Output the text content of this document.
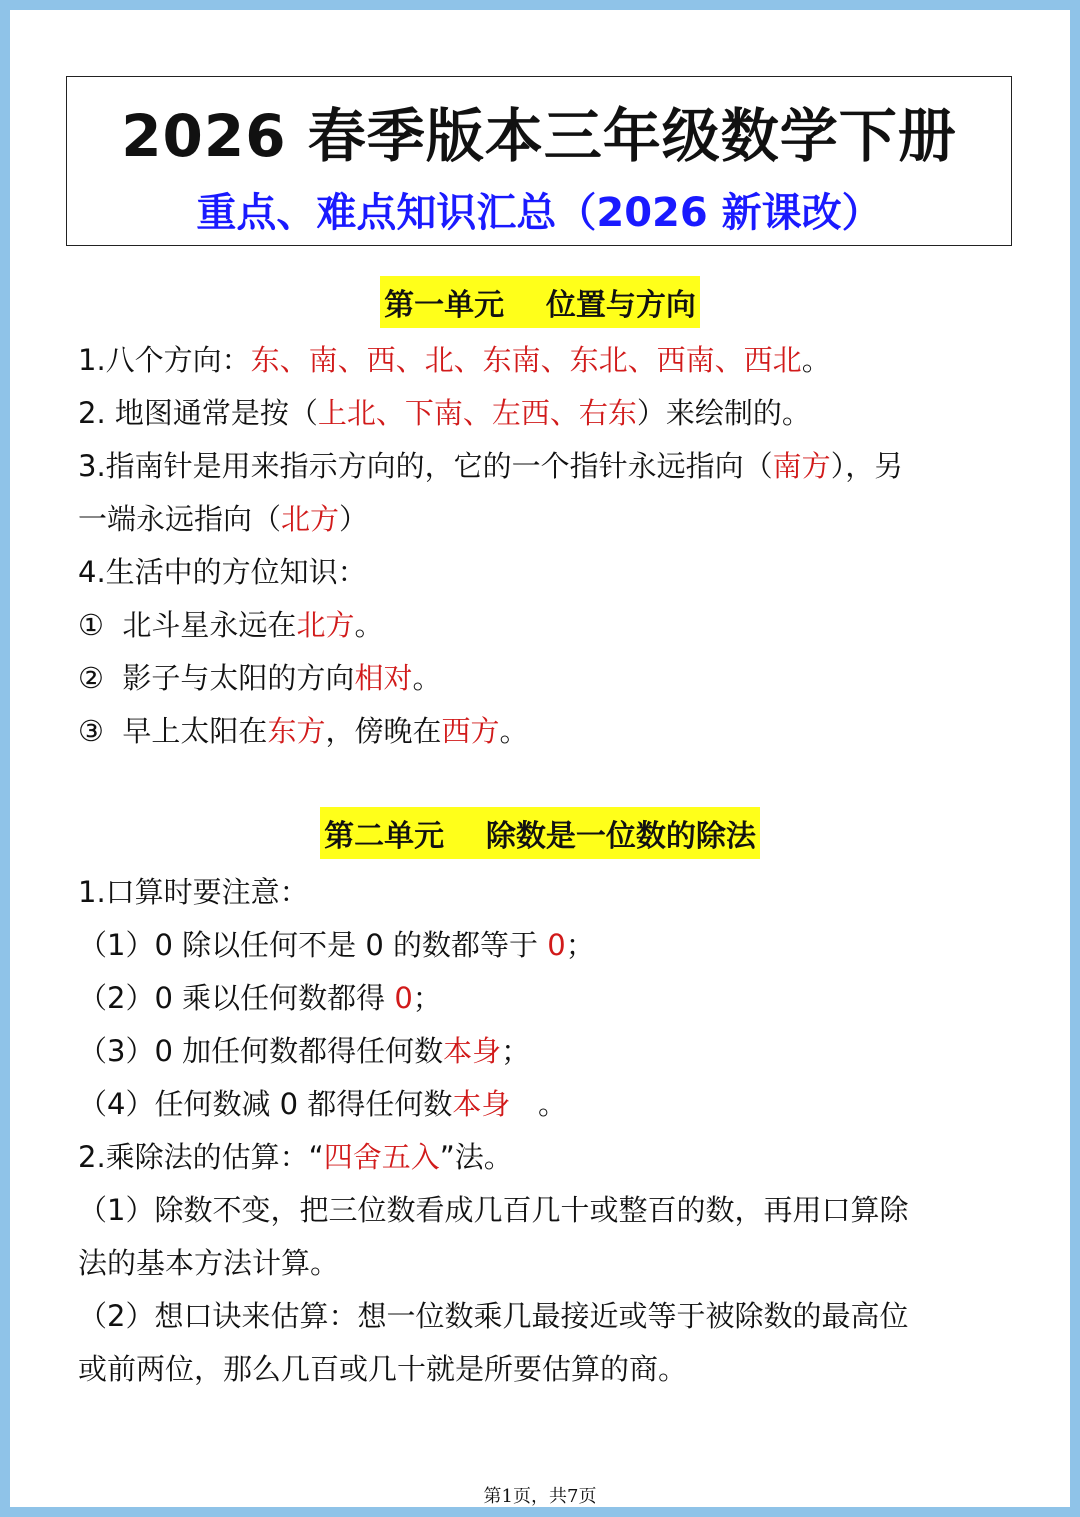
2026 春季版本三年级数学下册
重点、难点知识汇总（2026 新课改）
第一单元    位置与方向
1.八个方向：东、南、西、北、东南、东北、西南、西北。
2. 地图通常是按（上北、下南、左西、右东）来绘制的。
3.指南针是用来指示方向的，它的一个指针永远指向（南方），另
一端永远指向（北方）
4.生活中的方位知识：
①  北斗星永远在北方。
②  影子与太阳的方向相对。
③  早上太阳在东方，傍晚在西方。
第二单元    除数是一位数的除法
1.口算时要注意：
（1）0 除以任何不是 0 的数都等于 0；
（2）0 乘以任何数都得 0；
（3）0 加任何数都得任何数本身；
（4）任何数减 0 都得任何数本身   。
2.乘除法的估算：“四舍五入”法。
（1）除数不变，把三位数看成几百几十或整百的数，再用口算除
法的基本方法计算。
（2）想口诀来估算：想一位数乘几最接近或等于被除数的最高位
或前两位，那么几百或几十就是所要估算的商。
第1页，共7页
